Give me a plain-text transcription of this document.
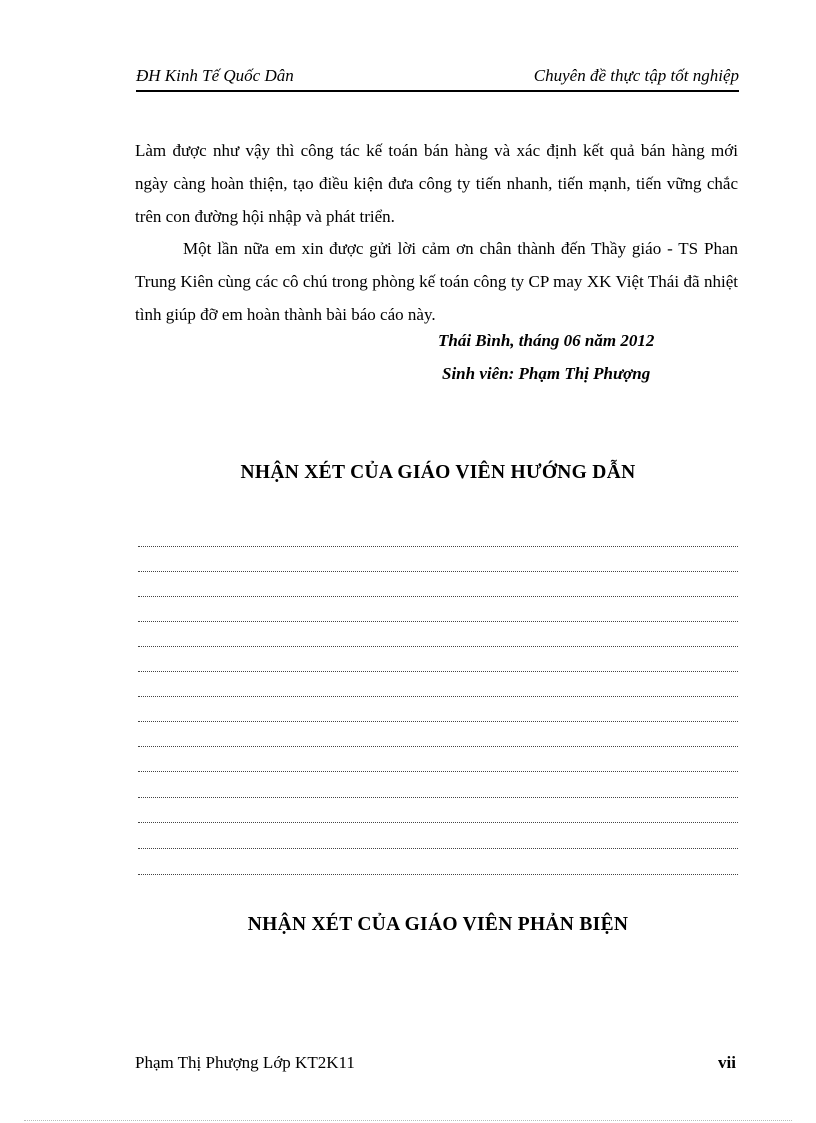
ĐH Kinh Tế Quốc Dân	Chuyên đề thực tập tốt nghiệp

Làm được như vậy thì công tác kế toán bán hàng và xác định kết quả bán hàng mới ngày càng hoàn thiện, tạo điều kiện đưa công ty tiến nhanh, tiến mạnh, tiến vững chắc trên con đường hội nhập và phát triển.

Một lần nữa em xin được gửi lời cảm ơn chân thành đến Thầy giáo - TS Phan Trung Kiên cùng các cô chú trong phòng kế toán công ty CP may XK Việt Thái đã nhiệt tình giúp đỡ em hoàn thành bài báo cáo này.

Thái Bình, tháng 06 năm 2012
Sinh viên: Phạm Thị Phượng
NHẬN XÉT CỦA GIÁO VIÊN HƯỚNG DẪN
NHẬN XÉT CỦA GIÁO VIÊN PHẢN BIỆN
Phạm Thị Phượng Lớp KT2K11	vii
